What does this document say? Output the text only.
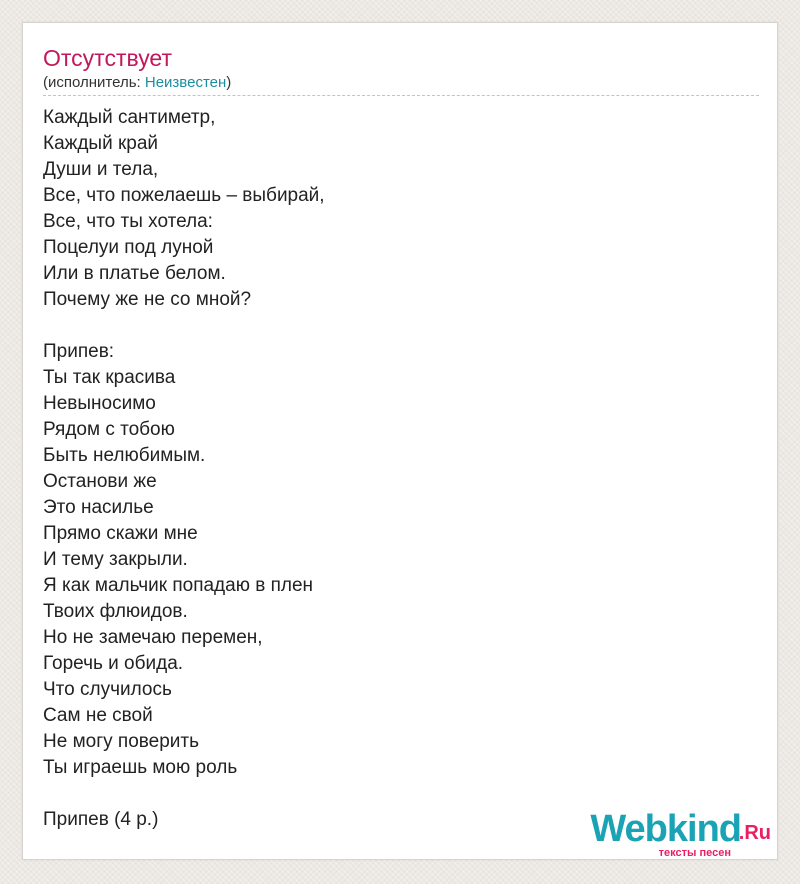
Отсутствует
(исполнитель: Неизвестен)
Каждый сантиметр,
Каждый край
Души и тела,
Все, что пожелаешь – выбирай,
Все, что ты хотела:
Поцелуи под луной
Или в платье белом.
Почему же не со мной?
Припев:
Ты так красива
Невыносимо
Рядом с тобою
Быть нелюбимым.
Останови же
Это насилье
Прямо скажи мне
И тему закрыли.
Я как мальчик попадаю в плен
Твоих флюидов.
Но не замечаю перемен,
Горечь и обида.
Что случилось
Сам не свой
Не могу поверить
Ты играешь мою роль
Припев (4 р.)	Webkind
.Ru
тексты песен
